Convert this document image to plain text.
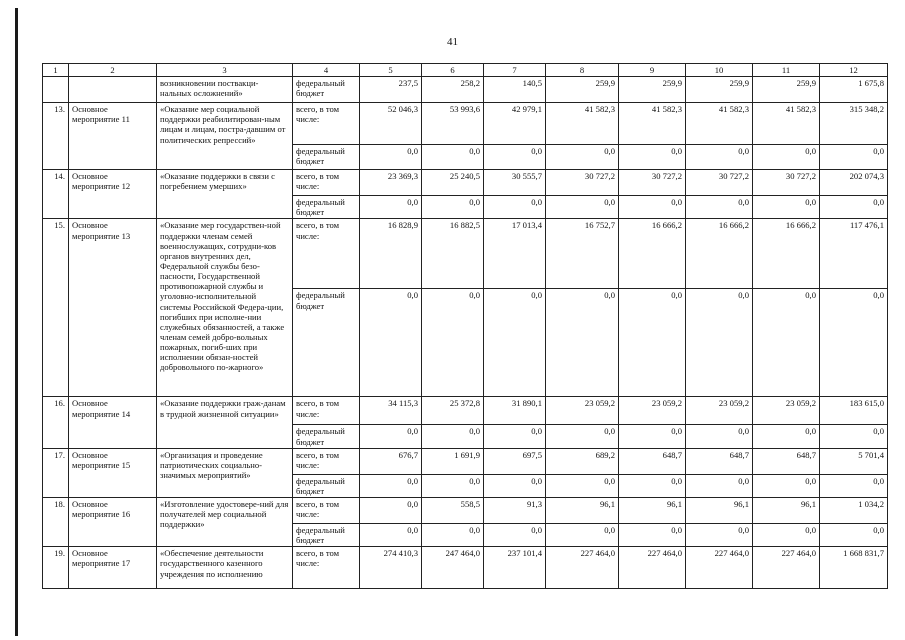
41
1	2	3	4	5	6	7	8	9	10	11	12
		возникновении поствакци-нальных осложнений»	федеральный бюджет	237,5	258,2	140,5	259,9	259,9	259,9	259,9	1 675,8
13.	Основное мероприятие 11	«Оказание мер социальной поддержки реабилитирован-ным лицам и лицам, постра-давшим от политических репрессий»	всего, в том числе:	52 046,3	53 993,6	42 979,1	41 582,3	41 582,3	41 582,3	41 582,3	315 348,2
			федеральный бюджет	0,0	0,0	0,0	0,0	0,0	0,0	0,0	0,0
14.	Основное мероприятие 12	«Оказание поддержки в связи с погребением умерших»	всего, в том числе:	23 369,3	25 240,5	30 555,7	30 727,2	30 727,2	30 727,2	30 727,2	202 074,3
			федеральный бюджет	0,0	0,0	0,0	0,0	0,0	0,0	0,0	0,0
15.	Основное мероприятие 13	«Оказание мер государствен-ной поддержки членам семей военнослужащих, сотрудни-ков органов внутренних дел, Федеральной службы безо-пасности, Государственной противопожарной службы и уголовно-исполнительной системы Российской Федера-ции, погибших при исполне-нии служебных обязанностей, а также членам семей добро-вольных пожарных, погиб-ших при исполнении обязан-ностей добровольного по-жарного»	всего, в том числе:	16 828,9	16 882,5	17 013,4	16 752,7	16 666,2	16 666,2	16 666,2	117 476,1
			федеральный бюджет	0,0	0,0	0,0	0,0	0,0	0,0	0,0	0,0
16.	Основное мероприятие 14	«Оказание поддержки граж-данам в трудной жизненной ситуации»	всего, в том числе:	34 115,3	25 372,8	31 890,1	23 059,2	23 059,2	23 059,2	23 059,2	183 615,0
			федеральный бюджет	0,0	0,0	0,0	0,0	0,0	0,0	0,0	0,0
17.	Основное мероприятие 15	«Организация и проведение патриотических социально-значимых мероприятий»	всего, в том числе:	676,7	1 691,9	697,5	689,2	648,7	648,7	648,7	5 701,4
			федеральный бюджет	0,0	0,0	0,0	0,0	0,0	0,0	0,0	0,0
18.	Основное мероприятие 16	«Изготовление удостовере-ний для получателей мер социальной поддержки»	всего, в том числе:	0,0	558,5	91,3	96,1	96,1	96,1	96,1	1 034,2
			федеральный бюджет	0,0	0,0	0,0	0,0	0,0	0,0	0,0	0,0
19.	Основное мероприятие 17	«Обеспечение деятельности государственного казенного учреждения по исполнению	всего, в том числе:	274 410,3	247 464,0	237 101,4	227 464,0	227 464,0	227 464,0	227 464,0	1 668 831,7
